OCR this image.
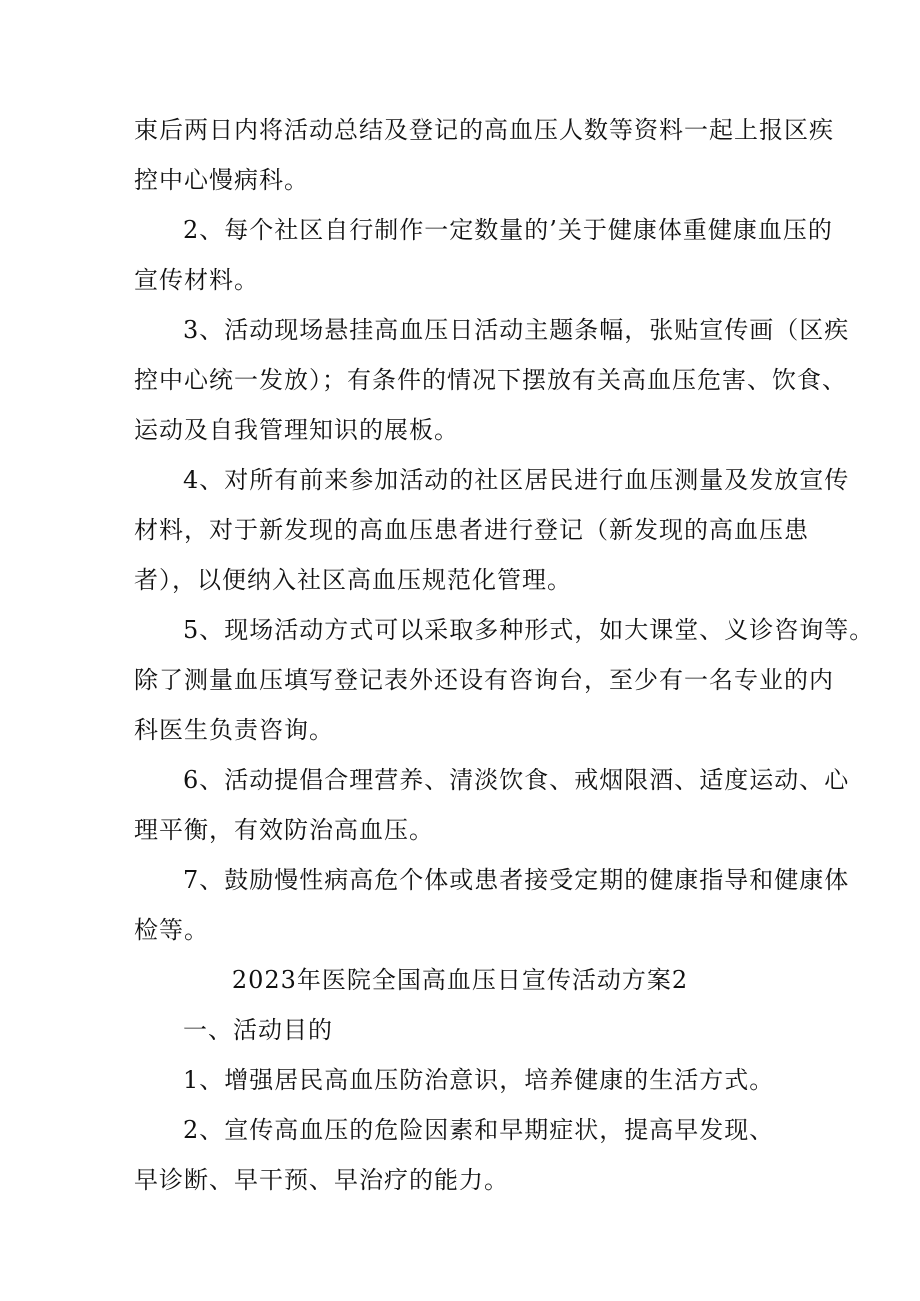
束后两日内将活动总结及登记的高血压人数等资料一起上报区疾
控中心慢病科。
2、每个社区自行制作一定数量的’关于健康体重健康血压的
宣传材料。
3、活动现场悬挂高血压日活动主题条幅，张贴宣传画（区疾
控中心统一发放）；有条件的情况下摆放有关高血压危害、饮食、
运动及自我管理知识的展板。
4、对所有前来参加活动的社区居民进行血压测量及发放宣传
材料，对于新发现的高血压患者进行登记（新发现的高血压患
者），以便纳入社区高血压规范化管理。
5、现场活动方式可以采取多种形式，如大课堂、义诊咨询等。
除了测量血压填写登记表外还设有咨询台，至少有一名专业的内
科医生负责咨询。
6、活动提倡合理营养、清淡饮食、戒烟限酒、适度运动、心
理平衡，有效防治高血压。
7、鼓励慢性病高危个体或患者接受定期的健康指导和健康体
检等。
2023年医院全国高血压日宣传活动方案2
一、活动目的
1、增强居民高血压防治意识，培养健康的生活方式。
2、宣传高血压的危险因素和早期症状，提高早发现、
早诊断、早干预、早治疗的能力。
